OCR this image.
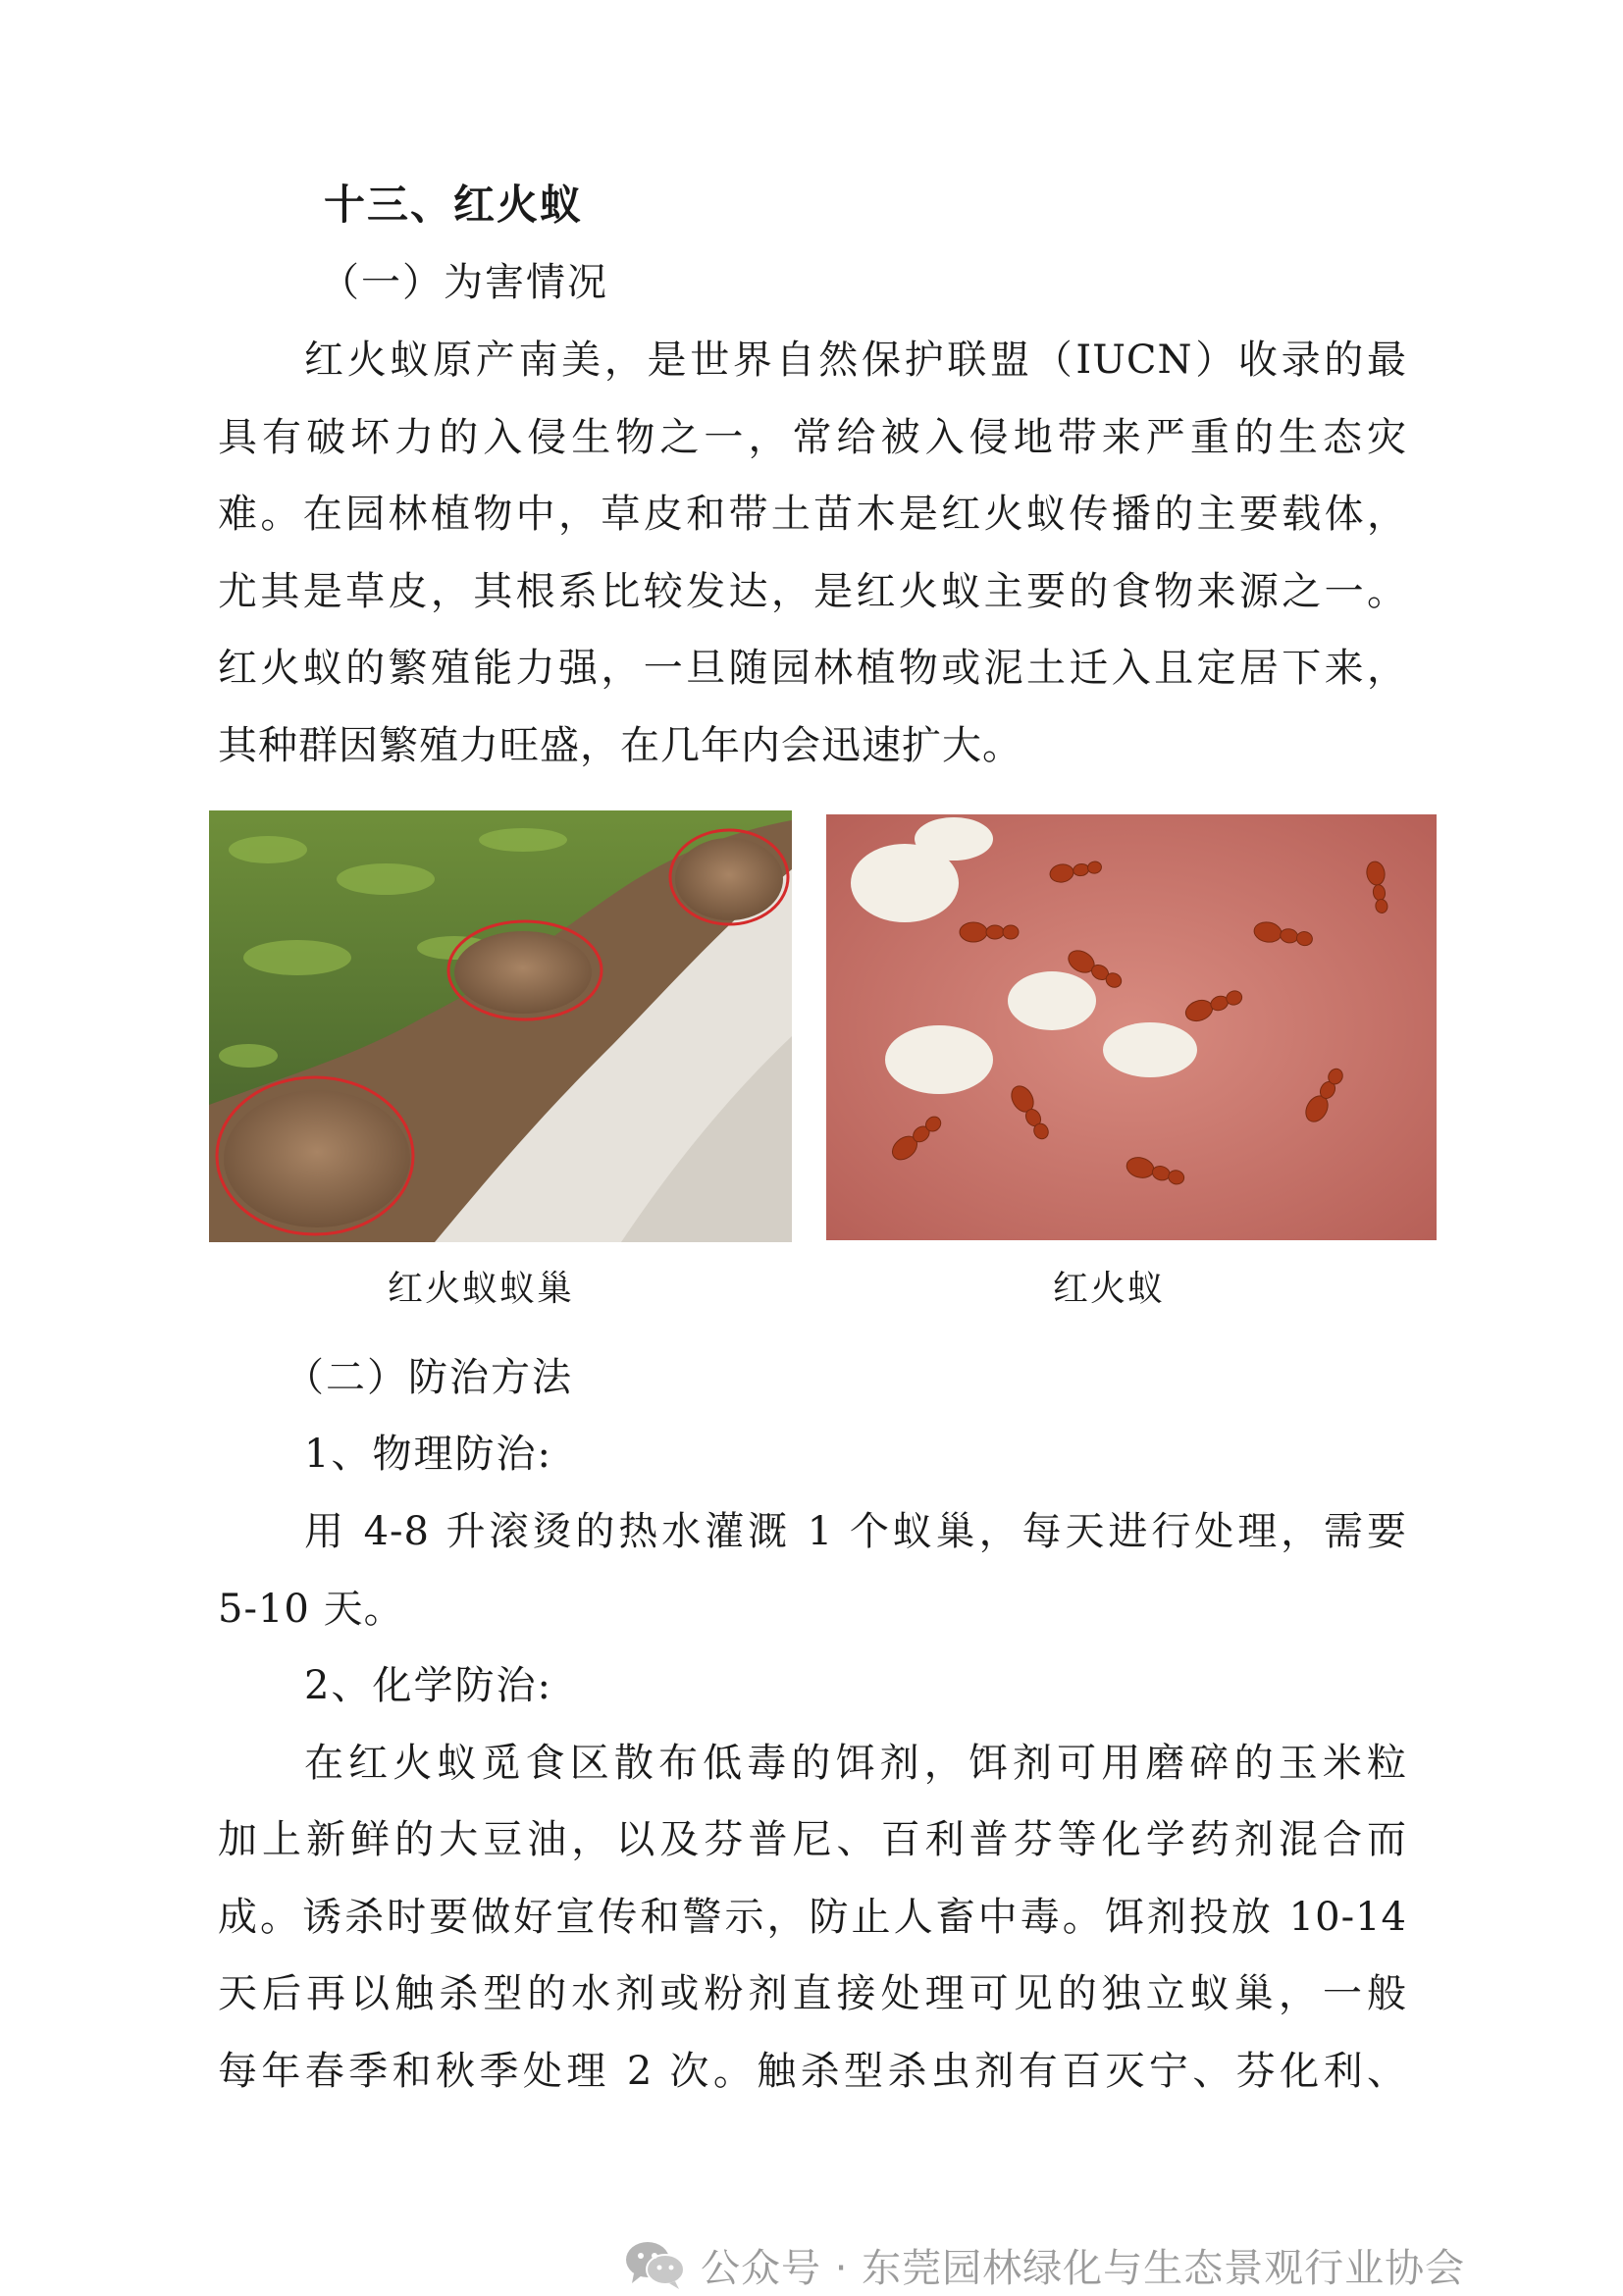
十三、红火蚁
（一）为害情况
红火蚁原产南美，是世界自然保护联盟（IUCN）收录的最
具有破坏力的入侵生物之一，常给被入侵地带来严重的生态灾
难。在园林植物中，草皮和带土苗木是红火蚁传播的主要载体，
尤其是草皮，其根系比较发达，是红火蚁主要的食物来源之一。
红火蚁的繁殖能力强，一旦随园林植物或泥土迁入且定居下来，
其种群因繁殖力旺盛，在几年内会迅速扩大。
红火蚁蚁巢	红火蚁
（二）防治方法
1、物理防治:
用 4-8 升滚烫的热水灌溉 1 个蚁巢，每天进行处理，需要
5-10 天。
2、化学防治:
在红火蚁觅食区散布低毒的饵剂，饵剂可用磨碎的玉米粒
加上新鲜的大豆油，以及芬普尼、百利普芬等化学药剂混合而
成。诱杀时要做好宣传和警示，防止人畜中毒。饵剂投放 10-14
天后再以触杀型的水剂或粉剂直接处理可见的独立蚁巢，一般
每年春季和秋季处理 2 次。触杀型杀虫剂有百灭宁、芬化利、
公众号 · 东莞园林绿化与生态景观行业协会
